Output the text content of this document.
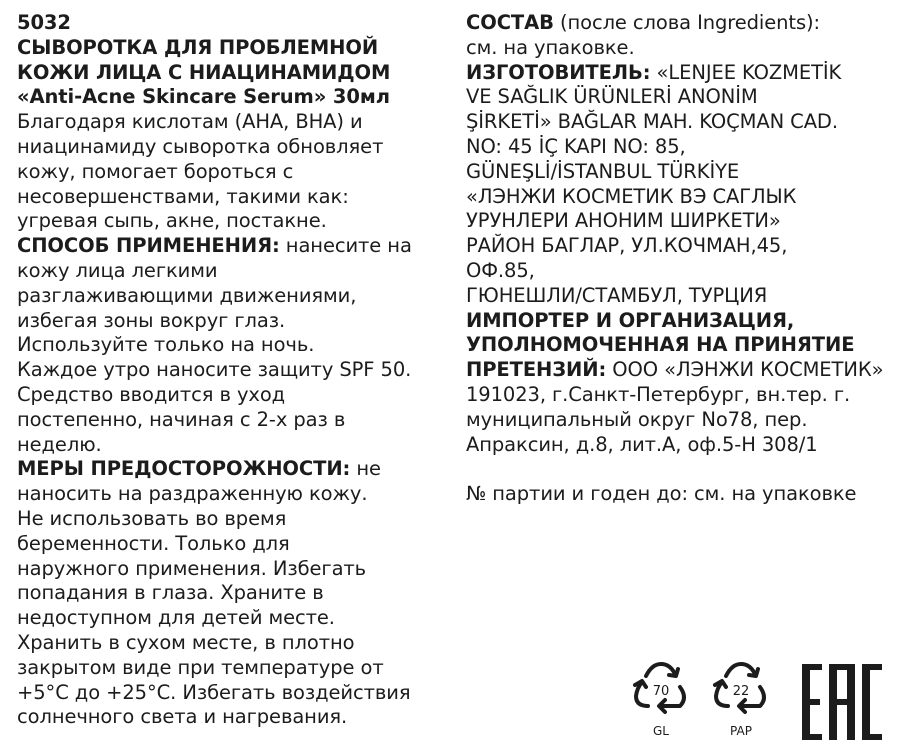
5032
СЫВОРОТКА ДЛЯ ПРОБЛЕМНОЙ
КОЖИ ЛИЦА С НИАЦИНАМИДОМ
«Anti-Acne Skincare Serum» 30мл
Благодаря кислотам (АНА, ВНА) и
ниацинамиду сыворотка обновляет
кожу, помогает бороться с
несовершенствами, такими как:
угревая сыпь, акне, постакне.
СПОСОБ ПРИМЕНЕНИЯ: нанесите на
кожу лица легкими
разглаживающими движениями,
избегая зоны вокруг глаз.
Используйте только на ночь.
Каждое утро наносите защиту SPF 50.
Средство вводится в уход
постепенно, начиная с 2-х раз в
неделю.
МЕРЫ ПРЕДОСТОРОЖНОСТИ: не
наносить на раздраженную кожу.
Не использовать во время
беременности. Только для
наружного применения. Избегать
попадания в глаза. Храните в
недоступном для детей месте.
Хранить в сухом месте, в плотно
закрытом виде при температуре от
+5°С до +25°С. Избегать воздействия
солнечного света и нагревания.
СОСТАВ (после слова Ingredients):
см. на упаковке.
ИЗГОТОВИТЕЛЬ: «LENJEE KOZMETİK
VE SAĞLIK ÜRÜNLERİ ANONİM
ŞİRKETİ» BAĞLAR MAH. KOÇMAN CAD.
NO: 45 İÇ KAPI NO: 85,
GÜNEŞLİ/İSTANBUL TÜRKİYE
«ЛЭНЖИ КОСМЕТИК ВЭ САГЛЫК
УРУНЛЕРИ АНОНИМ ШИРКЕТИ»
РАЙОН БАГЛАР, УЛ.КОЧМАН,45,
ОФ.85,
ГЮНЕШЛИ/СТАМБУЛ, ТУРЦИЯ
ИМПОРТЕР И ОРГАНИЗАЦИЯ,
УПОЛНОМОЧЕННАЯ НА ПРИНЯТИЕ
ПРЕТЕНЗИЙ: ООО «ЛЭНЖИ КОСМЕТИК»
191023, г.Санкт-Петербург, вн.тер. г.
муниципальный округ No78, пер.
Апраксин, д.8, лит.А, оф.5-Н 308/1
№ партии и годен до: см. на упаковке
70
GL
22
PAP
